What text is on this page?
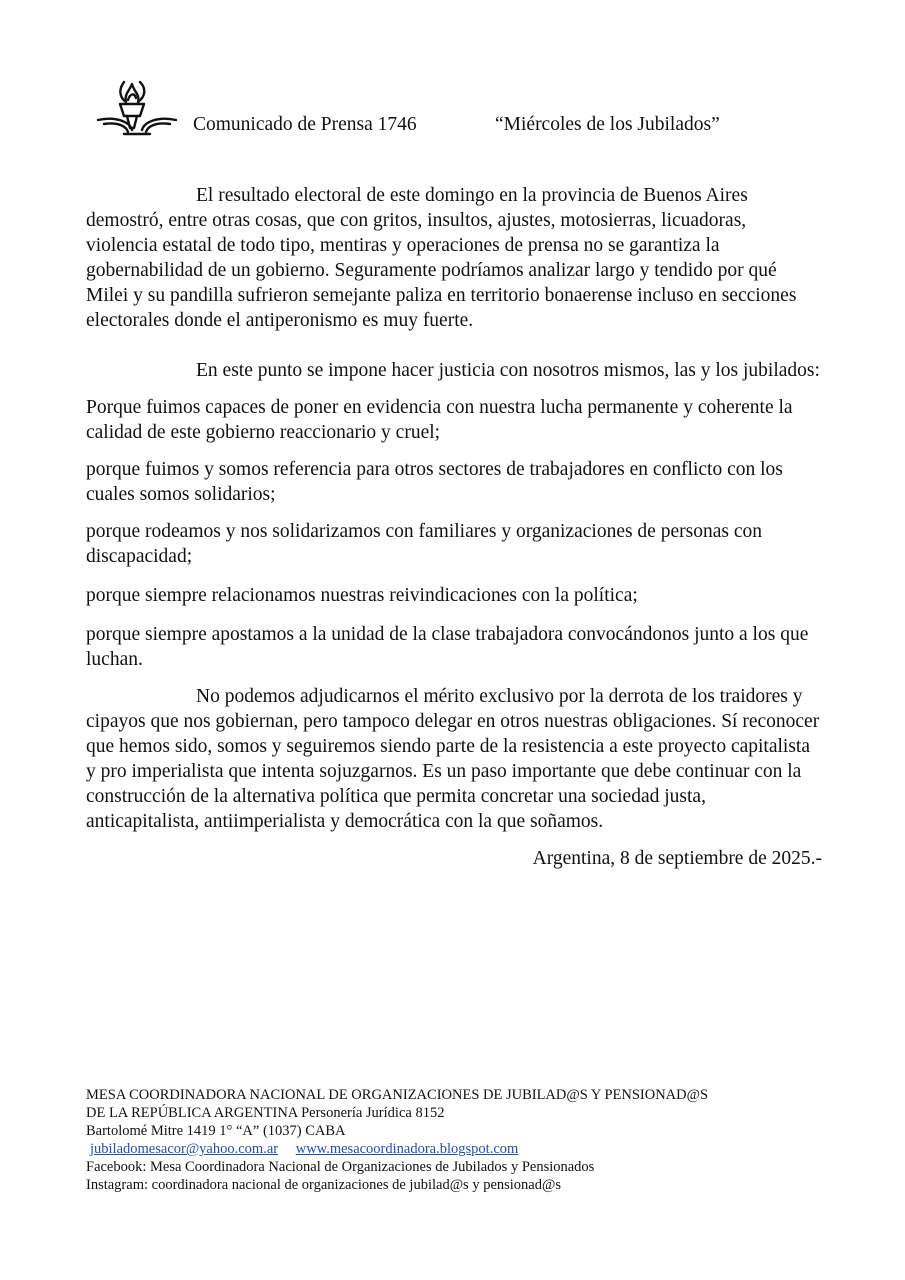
Comunicado de Prensa 1746	“Miércoles de los Jubilados”

El resultado electoral de este domingo en la provincia de Buenos Aires demostró, entre otras cosas, que con gritos, insultos, ajustes, motosierras, licuadoras, violencia estatal de todo tipo, mentiras y operaciones de prensa no se garantiza la gobernabilidad de un gobierno. Seguramente podríamos analizar largo y tendido por qué Milei y su pandilla sufrieron semejante paliza en territorio bonaerense incluso en secciones electorales donde el antiperonismo es muy fuerte.

En este punto se impone hacer justicia con nosotros mismos, las y los jubilados:

Porque fuimos capaces de poner en evidencia con nuestra lucha permanente y coherente la calidad de este gobierno reaccionario y cruel;

porque fuimos y somos referencia para otros sectores de trabajadores en conflicto con los cuales somos solidarios;

porque rodeamos y nos solidarizamos con familiares y organizaciones de personas con discapacidad;

porque siempre relacionamos nuestras reivindicaciones con la política;

porque siempre apostamos a la unidad de la clase trabajadora convocándonos junto a los que luchan.

No podemos adjudicarnos el mérito exclusivo por la derrota de los traidores y cipayos que nos gobiernan, pero tampoco delegar en otros nuestras obligaciones. Sí reconocer que hemos sido, somos y seguiremos siendo parte de la resistencia a este proyecto capitalista y pro imperialista que intenta sojuzgarnos. Es un paso importante que debe continuar con la construcción de la alternativa política que permita concretar una sociedad justa, anticapitalista, antiimperialista y democrática con la que soñamos.

Argentina, 8 de septiembre de 2025.-

MESA COORDINADORA NACIONAL DE ORGANIZACIONES DE JUBILAD@S Y PENSIONAD@S
DE LA REPÚBLICA ARGENTINA Personería Jurídica 8152
Bartolomé Mitre 1419 1° “A” (1037) CABA
jubiladomesacor@yahoo.com.ar www.mesacoordinadora.blogspot.com
Facebook: Mesa Coordinadora Nacional de Organizaciones de Jubilados y Pensionados
Instagram: coordinadora nacional de organizaciones de jubilad@s y pensionad@s
